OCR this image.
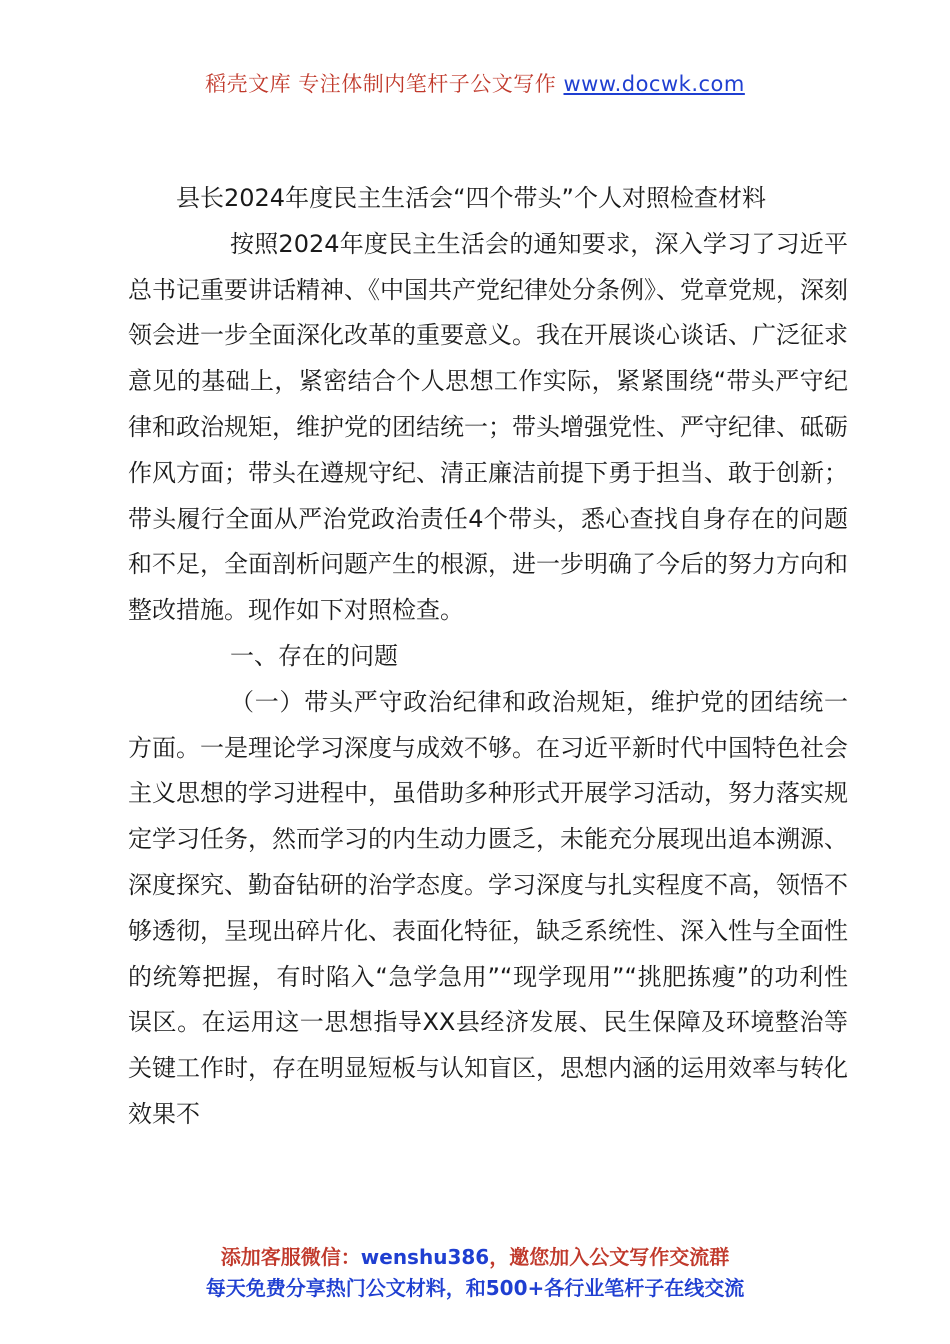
稻壳文库 专注体制内笔杆子公文写作 www.docwk.com
县长2024年度民主生活会“四个带头”个人对照检查材料

按照2024年度民主生活会的通知要求，深入学习了习近平总书记重要讲话精神、《中国共产党纪律处分条例》、党章党规，深刻领会进一步全面深化改革的重要意义。我在开展谈心谈话、广泛征求意见的基础上，紧密结合个人思想工作实际，紧紧围绕“带头严守纪律和政治规矩，维护党的团结统一；带头增强党性、严守纪律、砥砺作风方面；带头在遵规守纪、清正廉洁前提下勇于担当、敢于创新；带头履行全面从严治党政治责任4个带头，悉心查找自身存在的问题和不足，全面剖析问题产生的根源，进一步明确了今后的努力方向和整改措施。现作如下对照检查。

一、存在的问题

（一）带头严守政治纪律和政治规矩，维护党的团结统一方面。一是理论学习深度与成效不够。在习近平新时代中国特色社会主义思想的学习进程中，虽借助多种形式开展学习活动，努力落实规定学习任务，然而学习的内生动力匮乏，未能充分展现出追本溯源、深度探究、勤奋钻研的治学态度。学习深度与扎实程度不高，领悟不够透彻，呈现出碎片化、表面化特征，缺乏系统性、深入性与全面性的统筹把握，有时陷入“急学急用”“现学现用”“挑肥拣瘦”的功利性误区。在运用这一思想指导XX县经济发展、民生保障及环境整治等关键工作时，存在明显短板与认知盲区，思想内涵的运用效率与转化效果不

添加客服微信：wenshu386，邀您加入公文写作交流群
每天免费分享热门公文材料，和500+各行业笔杆子在线交流
